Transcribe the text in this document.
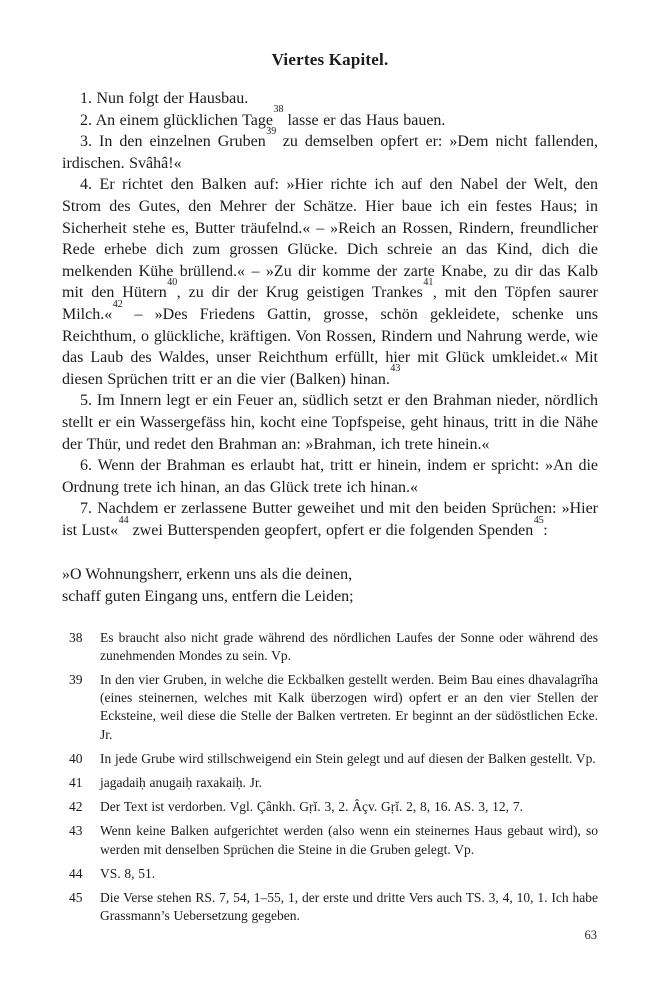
Viertes Kapitel.

1. Nun folgt der Hausbau.

2. An einem glücklichen Tage$^{38}$ lasse er das Haus bauen.

3. In den einzelnen Gruben$^{39}$ zu demselben opfert er: »Dem nicht fallenden, irdischen. Svâhâ!«

4. Er richtet den Balken auf: »Hier richte ich auf den Nabel der Welt, den Strom des Gutes, den Mehrer der Schätze. Hier baue ich ein festes Haus; in Sicherheit stehe es, Butter träufelnd.« – »Reich an Rossen, Rindern, freundlicher Rede erhebe dich zum grossen Glücke. Dich schreie an das Kind, dich die melkenden Kühe brüllend.« – »Zu dir komme der zarte Knabe, zu dir das Kalb mit den Hütern$^{40}$, zu dir der Krug geistigen Trankes$^{41}$, mit den Töpfen saurer Milch.«$^{42}$ – »Des Friedens Gattin, grosse, schön gekleidete, schenke uns Reichthum, o glückliche, kräftigen. Von Rossen, Rindern und Nahrung werde, wie das Laub des Waldes, unser Reichthum erfüllt, hier mit Glück umkleidet.« Mit diesen Sprüchen tritt er an die vier (Balken) hinan.$^{43}$

5. Im Innern legt er ein Feuer an, südlich setzt er den Brahman nieder, nördlich stellt er ein Wassergefäss hin, kocht eine Topfspeise, geht hinaus, tritt in die Nähe der Thür, und redet den Brahman an: »Brahman, ich trete hinein.«

6. Wenn der Brahman es erlaubt hat, tritt er hinein, indem er spricht: »An die Ordnung trete ich hinan, an das Glück trete ich hinan.«

7. Nachdem er zerlassene Butter geweihet und mit den beiden Sprüchen: »Hier ist Lust«$^{44}$ zwei Butterspenden geopfert, opfert er die folgenden Spenden$^{45}$:

»O Wohnungsherr, erkenn uns als die deinen,
schaff guten Eingang uns, entfern die Leiden;
38	Es braucht also nicht grade während des nördlichen Laufes der Sonne oder während des zunehmenden Mondes zu sein. Vp.
39	In den vier Gruben, in welche die Eckbalken gestellt werden. Beim Bau eines dhavalagrĭha (eines steinernen, welches mit Kalk überzogen wird) opfert er an den vier Stellen der Ecksteine, weil diese die Stelle der Balken vertreten. Er beginnt an der südöstlichen Ecke. Jr.
40	In jede Grube wird stillschweigend ein Stein gelegt und auf diesen der Balken gestellt. Vp.
41	jagadaiḥ anugaiḥ raxakaiḥ. Jr.
42	Der Text ist verdorben. Vgl. Çânkh. Gṛĭ. 3, 2. Âçv. Gṛĭ. 2, 8, 16. AS. 3, 12, 7.
43	Wenn keine Balken aufgerichtet werden (also wenn ein steinernes Haus gebaut wird), so werden mit denselben Sprüchen die Steine in die Gruben gelegt. Vp.
44	VS. 8, 51.
45	Die Verse stehen RS. 7, 54, 1–55, 1, der erste und dritte Vers auch TS. 3, 4, 10, 1. Ich habe Grassmann’s Uebersetzung gegeben.
63
